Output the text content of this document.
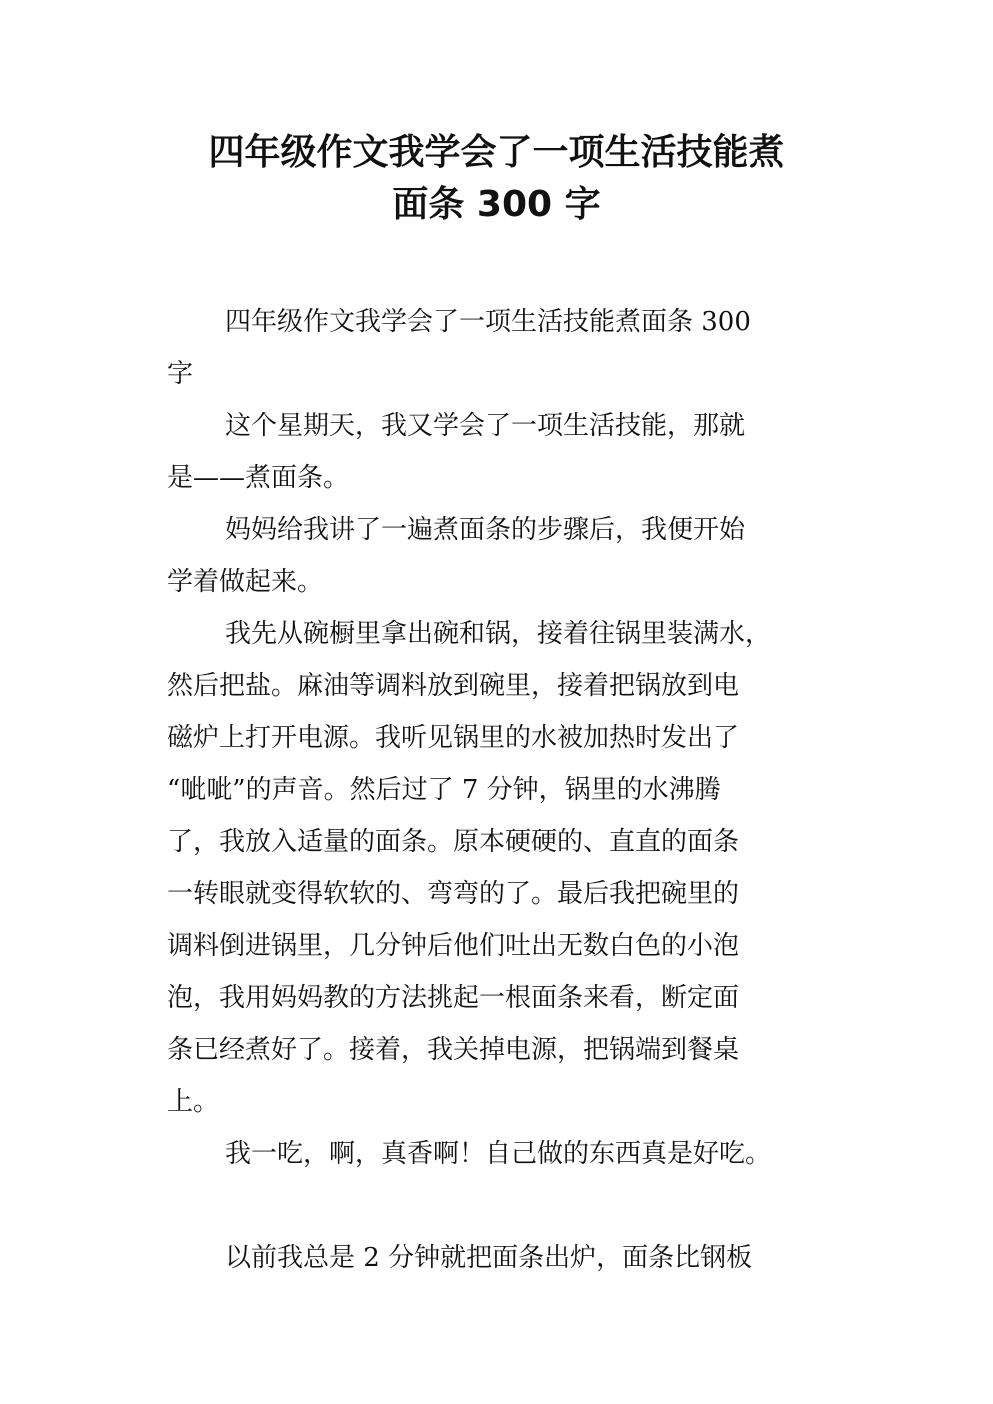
四年级作文我学会了一项生活技能煮
面条 300 字
四年级作文我学会了一项生活技能煮面条 300
字
这个星期天，我又学会了一项生活技能，那就
是——煮面条。
妈妈给我讲了一遍煮面条的步骤后，我便开始
学着做起来。
我先从碗橱里拿出碗和锅，接着往锅里装满水，
然后把盐。麻油等调料放到碗里，接着把锅放到电
磁炉上打开电源。我听见锅里的水被加热时发出了
“呲呲”的声音。然后过了 7 分钟，锅里的水沸腾
了，我放入适量的面条。原本硬硬的、直直的面条
一转眼就变得软软的、弯弯的了。最后我把碗里的
调料倒进锅里，几分钟后他们吐出无数白色的小泡
泡，我用妈妈教的方法挑起一根面条来看，断定面
条已经煮好了。接着，我关掉电源，把锅端到餐桌
上。
我一吃，啊，真香啊！自己做的东西真是好吃。
以前我总是 2 分钟就把面条出炉，面条比钢板
